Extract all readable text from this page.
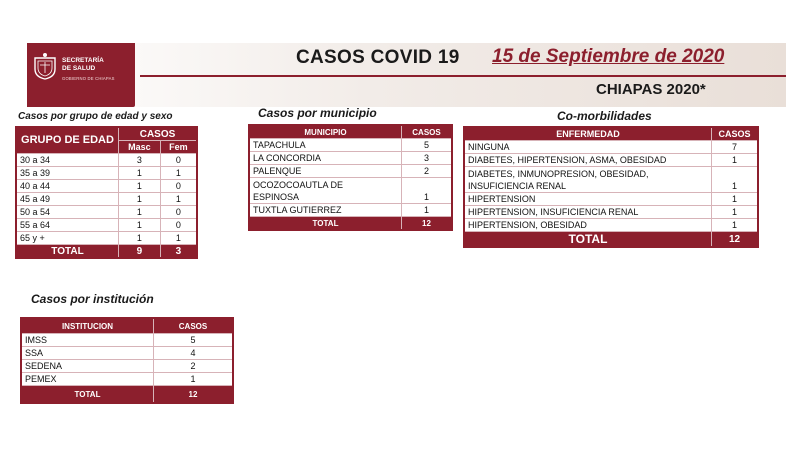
SECRETARÍA
DE SALUD
GOBIERNO DE CHIAPAS
CASOS COVID 19 15 de Septiembre de 2020
CHIAPAS 2020*
Casos por grupo de edad y sexo
GRUPO DE EDAD	CASOS	
	Masc	Fem
30 a 34	3	0
35 a 39	1	1
40 a 44	1	0
45 a 49	1	1
50 a 54	1	0
55 a 64	1	0
65 y +	1	1
TOTAL	9	3
Casos por municipio
MUNICIPIO	CASOS
TAPACHULA	5
LA CONCORDIA	3
PALENQUE	2
OCOZOCOAUTLA DE
ESPINOSA	1
TUXTLA GUTIERREZ	1
TOTAL	12
Co-morbilidades
ENFERMEDAD	CASOS
NINGUNA	7
DIABETES, HIPERTENSION, ASMA, OBESIDAD	1
DIABETES, INMUNOPRESION, OBESIDAD,
INSUFICIENCIA RENAL	1
HIPERTENSION	1
HIPERTENSION, INSUFICIENCIA RENAL	1
HIPERTENSION, OBESIDAD	1
TOTAL	12
Casos por institución
INSTITUCION	CASOS
IMSS	5
SSA	4
SEDENA	2
PEMEX	1
TOTAL	12
